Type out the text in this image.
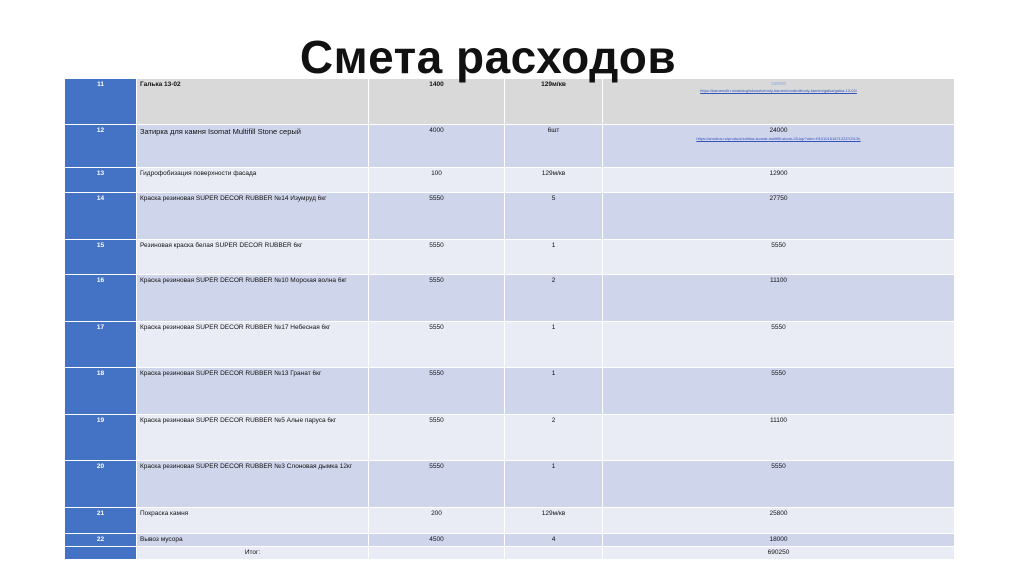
Смета расходов
11	Галька 13-02	1400	129м/кв	180600
https://kamenolit.ru/catalog/iskusstvenniy-kamen/modnolitoviy-kamen/galka/galka-13-02/

12	Затирка для камня Isomat Multifill Stone серый	4000	6шт	24000
https://smotrov.ru/product/zatirka-isomat-multifill-stone-25-kg/?utm=H101016167122ZYZ/L3L

13	Гидрофобизация поверхности фасада	100	129м/кв	12900
14	Краска резиновая SUPER DECOR RUBBER №14 Изумруд 6кг	5550	5	27750
15	Резиновая краска белая SUPER DECOR RUBBER 6кг	5550	1	5550
16	Краска резиновая SUPER DECOR RUBBER №10 Морская волна 6кг	5550	2	11100
17	Краска резиновая SUPER DECOR RUBBER №17 Небесная 6кг	5550	1	5550
18	Краска резиновая SUPER DECOR RUBBER №13 Гранат 6кг	5550	1	5550
19	Краска резиновая SUPER DECOR RUBBER №5 Алые паруса 6кг	5550	2	11100
20	Краска резиновая SUPER DECOR RUBBER №3 Слоновая дымка 12кг	5550	1	5550
21	Покраска камня	200	129м/кв	25800
22	Вывоз мусора	4500	4	18000
	Итог:			690250
